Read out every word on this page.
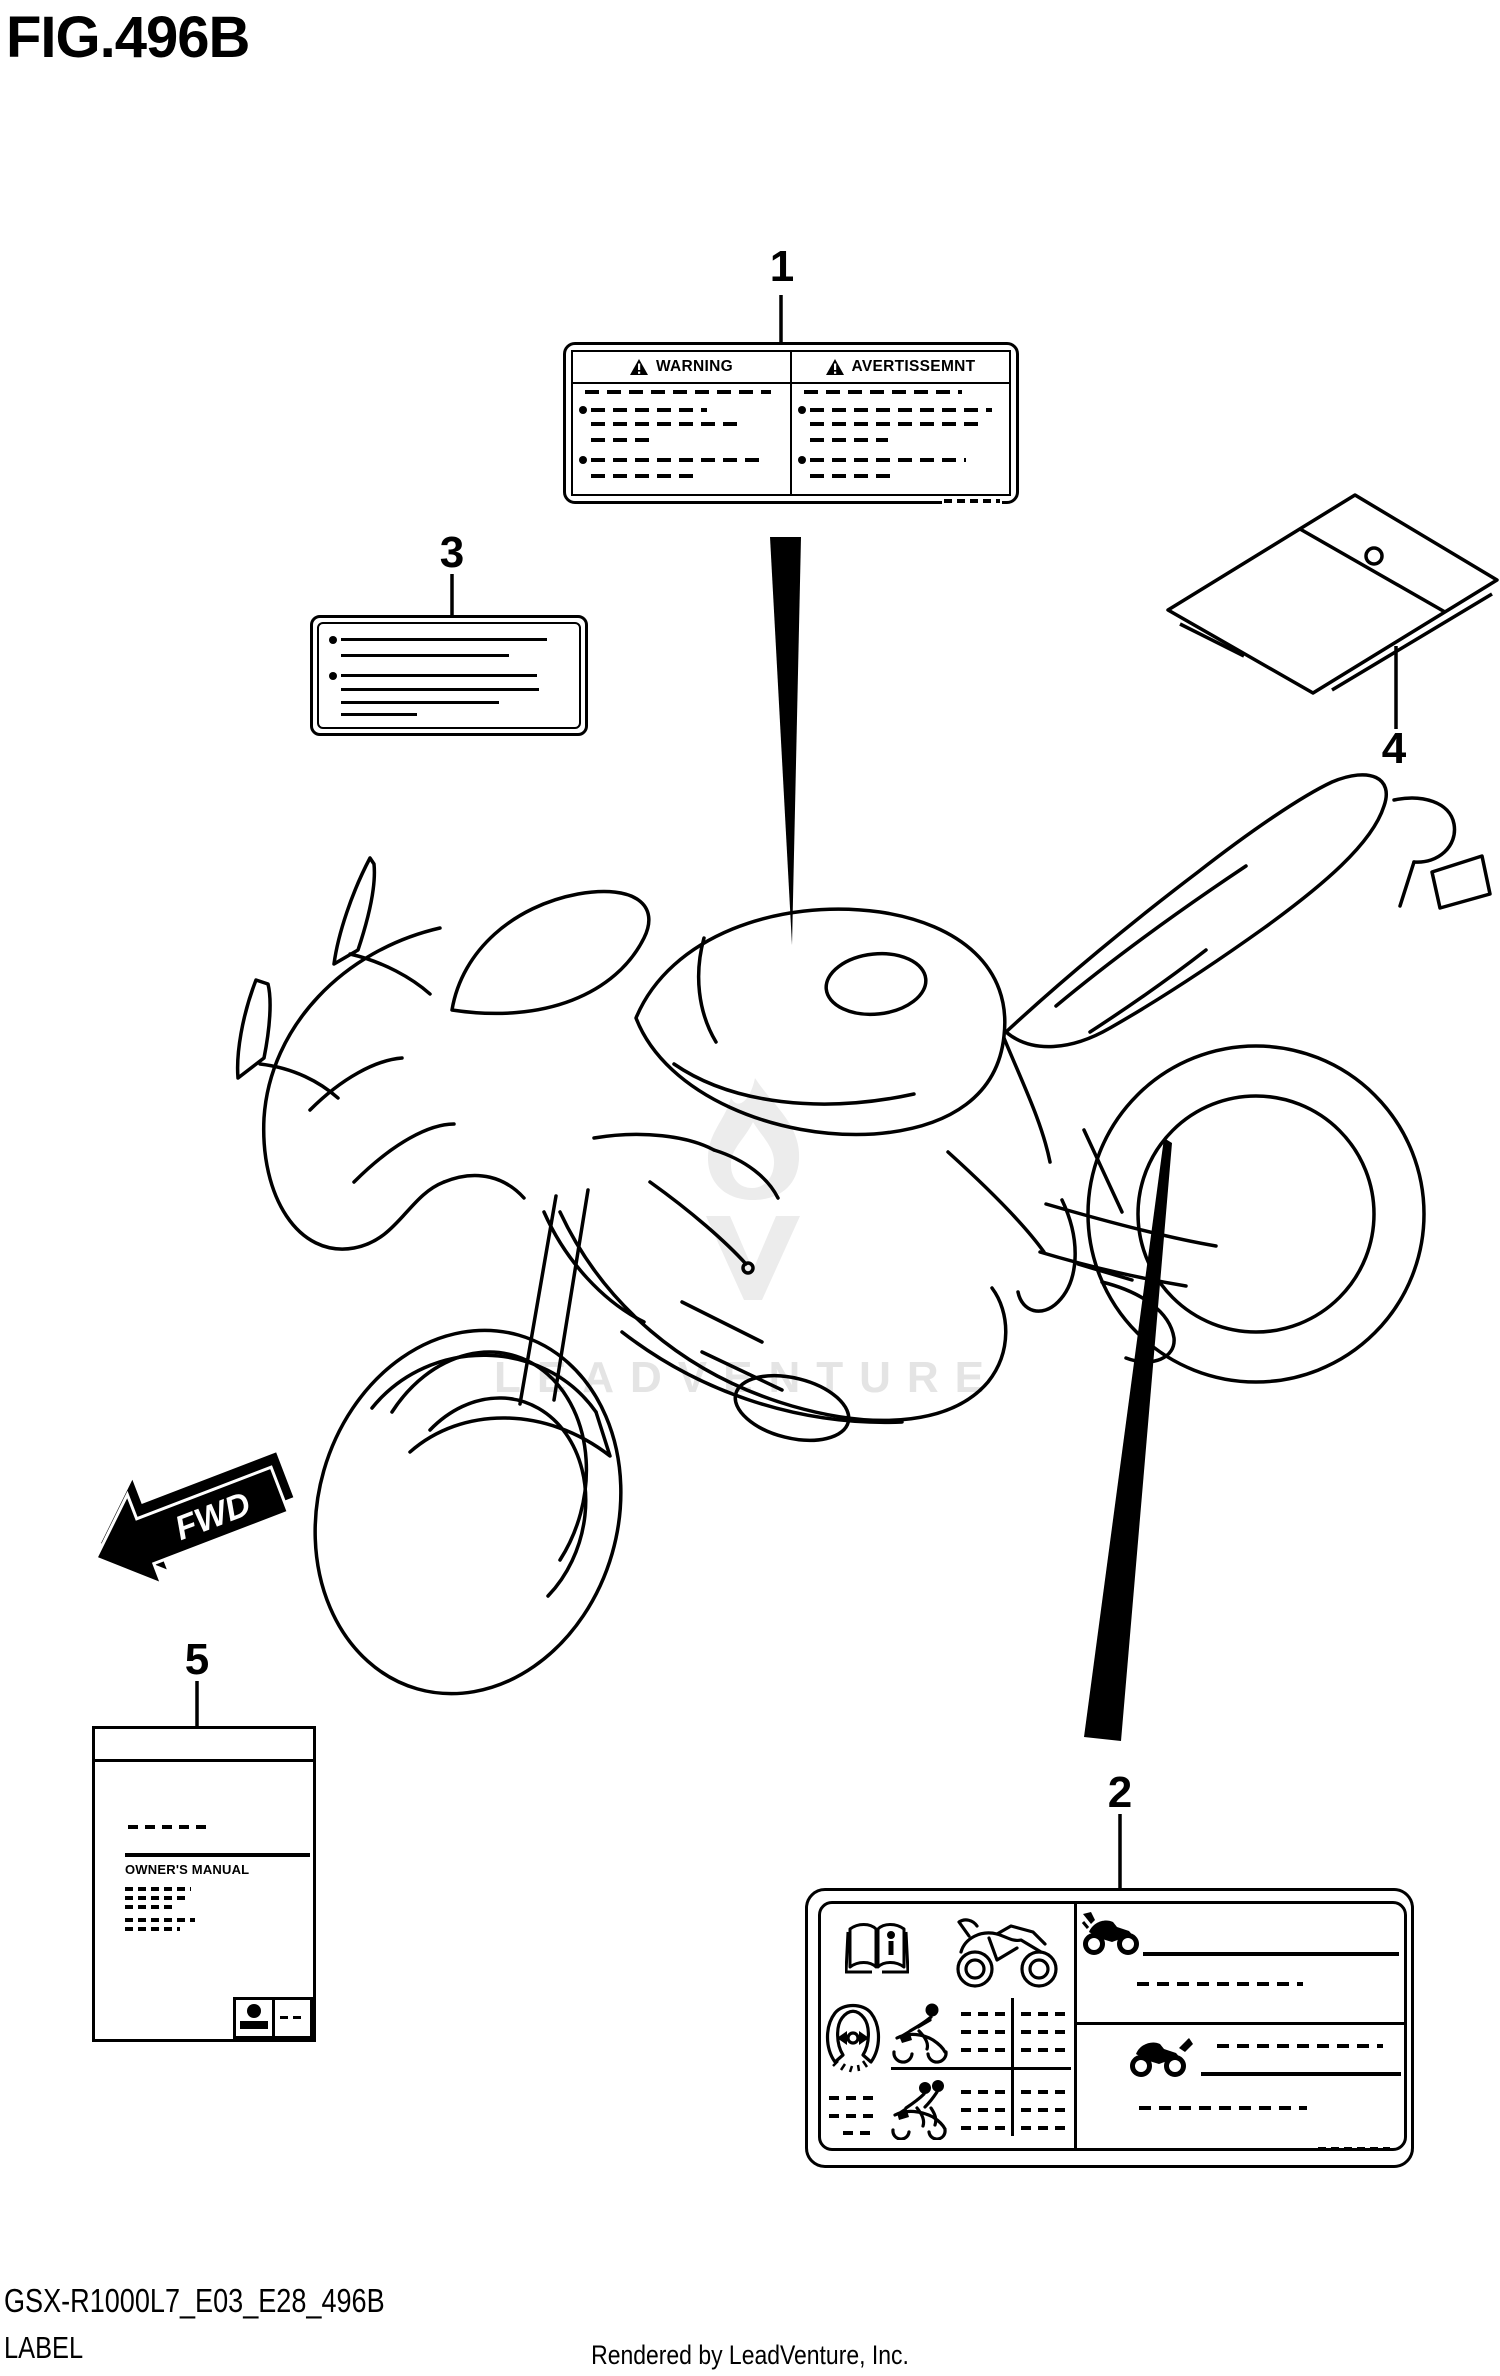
LEADVENTURE
FWD
FIG.496B
1
2
3
4
5
WARNING	AVERTISSEMNT
OWNER'S MANUAL
GSX-R1000L7_E03_E28_496B
LABEL	Rendered by LeadVenture, Inc.
